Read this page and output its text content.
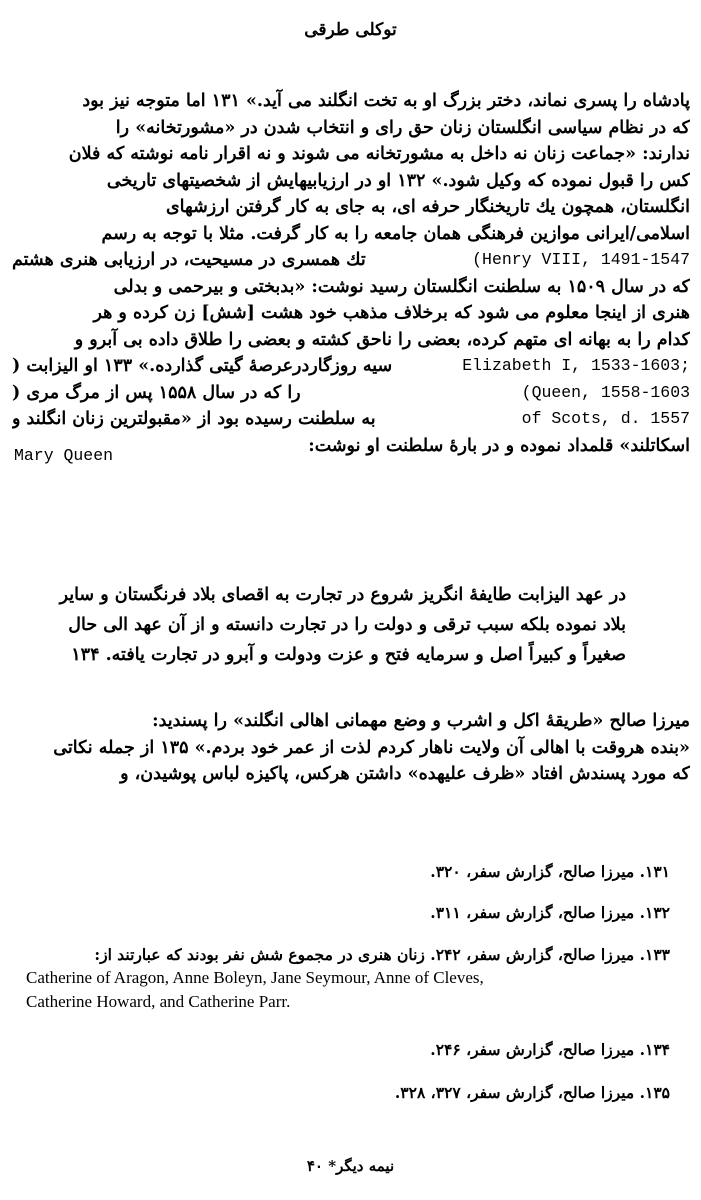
توکلی طرقی
پادشاه را پسری نماند، دختر بزرگ او به تخت انگلند می آید.» ۱۳۱ اما متوجه نیز بود
که در نظام سیاسی انگلستان زنان حق رای و انتخاب شدن در «مشورتخانه» را
ندارند: «جماعت زنان نه داخل به مشورتخانه می شوند و نه اقرار نامه نوشته که فلان
کس را قبول نموده که وکیل شود.» ۱۳۲ او در ارزیابیهایش از شخصیتهای تاریخی
انگلستان، همچون یك تاریخنگار حرفه ای، به جای به کار گرفتن ارزشهای
اسلامی/ایرانی موازین فرهنگی همان جامعه را به کار گرفت. مثلا با توجه به رسم
تك همسری در مسیحیت، در ارزیابی هنری هشتم	(Henry VIII, 1491-1547
که در سال ۱۵۰۹ به سلطنت انگلستان رسید نوشت: «بدبختی و بیرحمی و بدلی
هنری از اینجا معلوم می شود که برخلاف مذهب خود هشت [شش] زن کرده و هر
کدام را به بهانه ای متهم کرده، بعضی را ناحق کشته و بعضی را طلاق داده بی آبرو و
سیه روزگاردرعرصهٔ گیتی گذارده.» ۱۳۳ او الیزابت (	Elizabeth I, 1533-1603;
را که در سال ۱۵۵۸ پس از مرگ مری (	(Queen, 1558-1603
به سلطنت رسیده بود از «مقبولترین زنان انگلند و	of Scots, d. 1557
اسکاتلند» قلمداد نموده و در بارهٔ سلطنت او نوشت:
Mary Queen
در عهد الیزابت طایفهٔ انگریز شروع در تجارت به اقصای بلاد فرنگستان و سایر
بلاد نموده بلکه سبب ترقی و دولت را در تجارت دانسته و از آن عهد الی حال
صغیراً و کبیراً اصل و سرمایه فتح و عزت ودولت و آبرو در تجارت یافته. ۱۳۴
میرزا صالح «طریقهٔ اکل و اشرب و وضع مهمانی اهالی انگلند» را پسندید:
«بنده هروقت با اهالی آن ولایت ناهار کردم لذت از عمر خود بردم.» ۱۳۵ از جمله نکاتی
که مورد پسندش افتاد «ظرف علیهده» داشتن هرکس، پاکیزه لباس پوشیدن، و
۱۳۱. میرزا صالح، گزارش سفر، ۳۲۰.
۱۳۲. میرزا صالح، گزارش سفر، ۳۱۱.
۱۳۳. میرزا صالح، گزارش سفر، ۲۴۲. زنان هنری در مجموع شش نفر بودند که عبارتند از:
Catherine of Aragon, Anne Boleyn, Jane Seymour, Anne of Cleves,
Catherine Howard, and Catherine Parr.
۱۳۴. میرزا صالح، گزارش سفر، ۲۴۶.
۱۳۵. میرزا صالح، گزارش سفر، ۳۲۷، ۳۲۸.
نیمه دیگر* ۴۰
